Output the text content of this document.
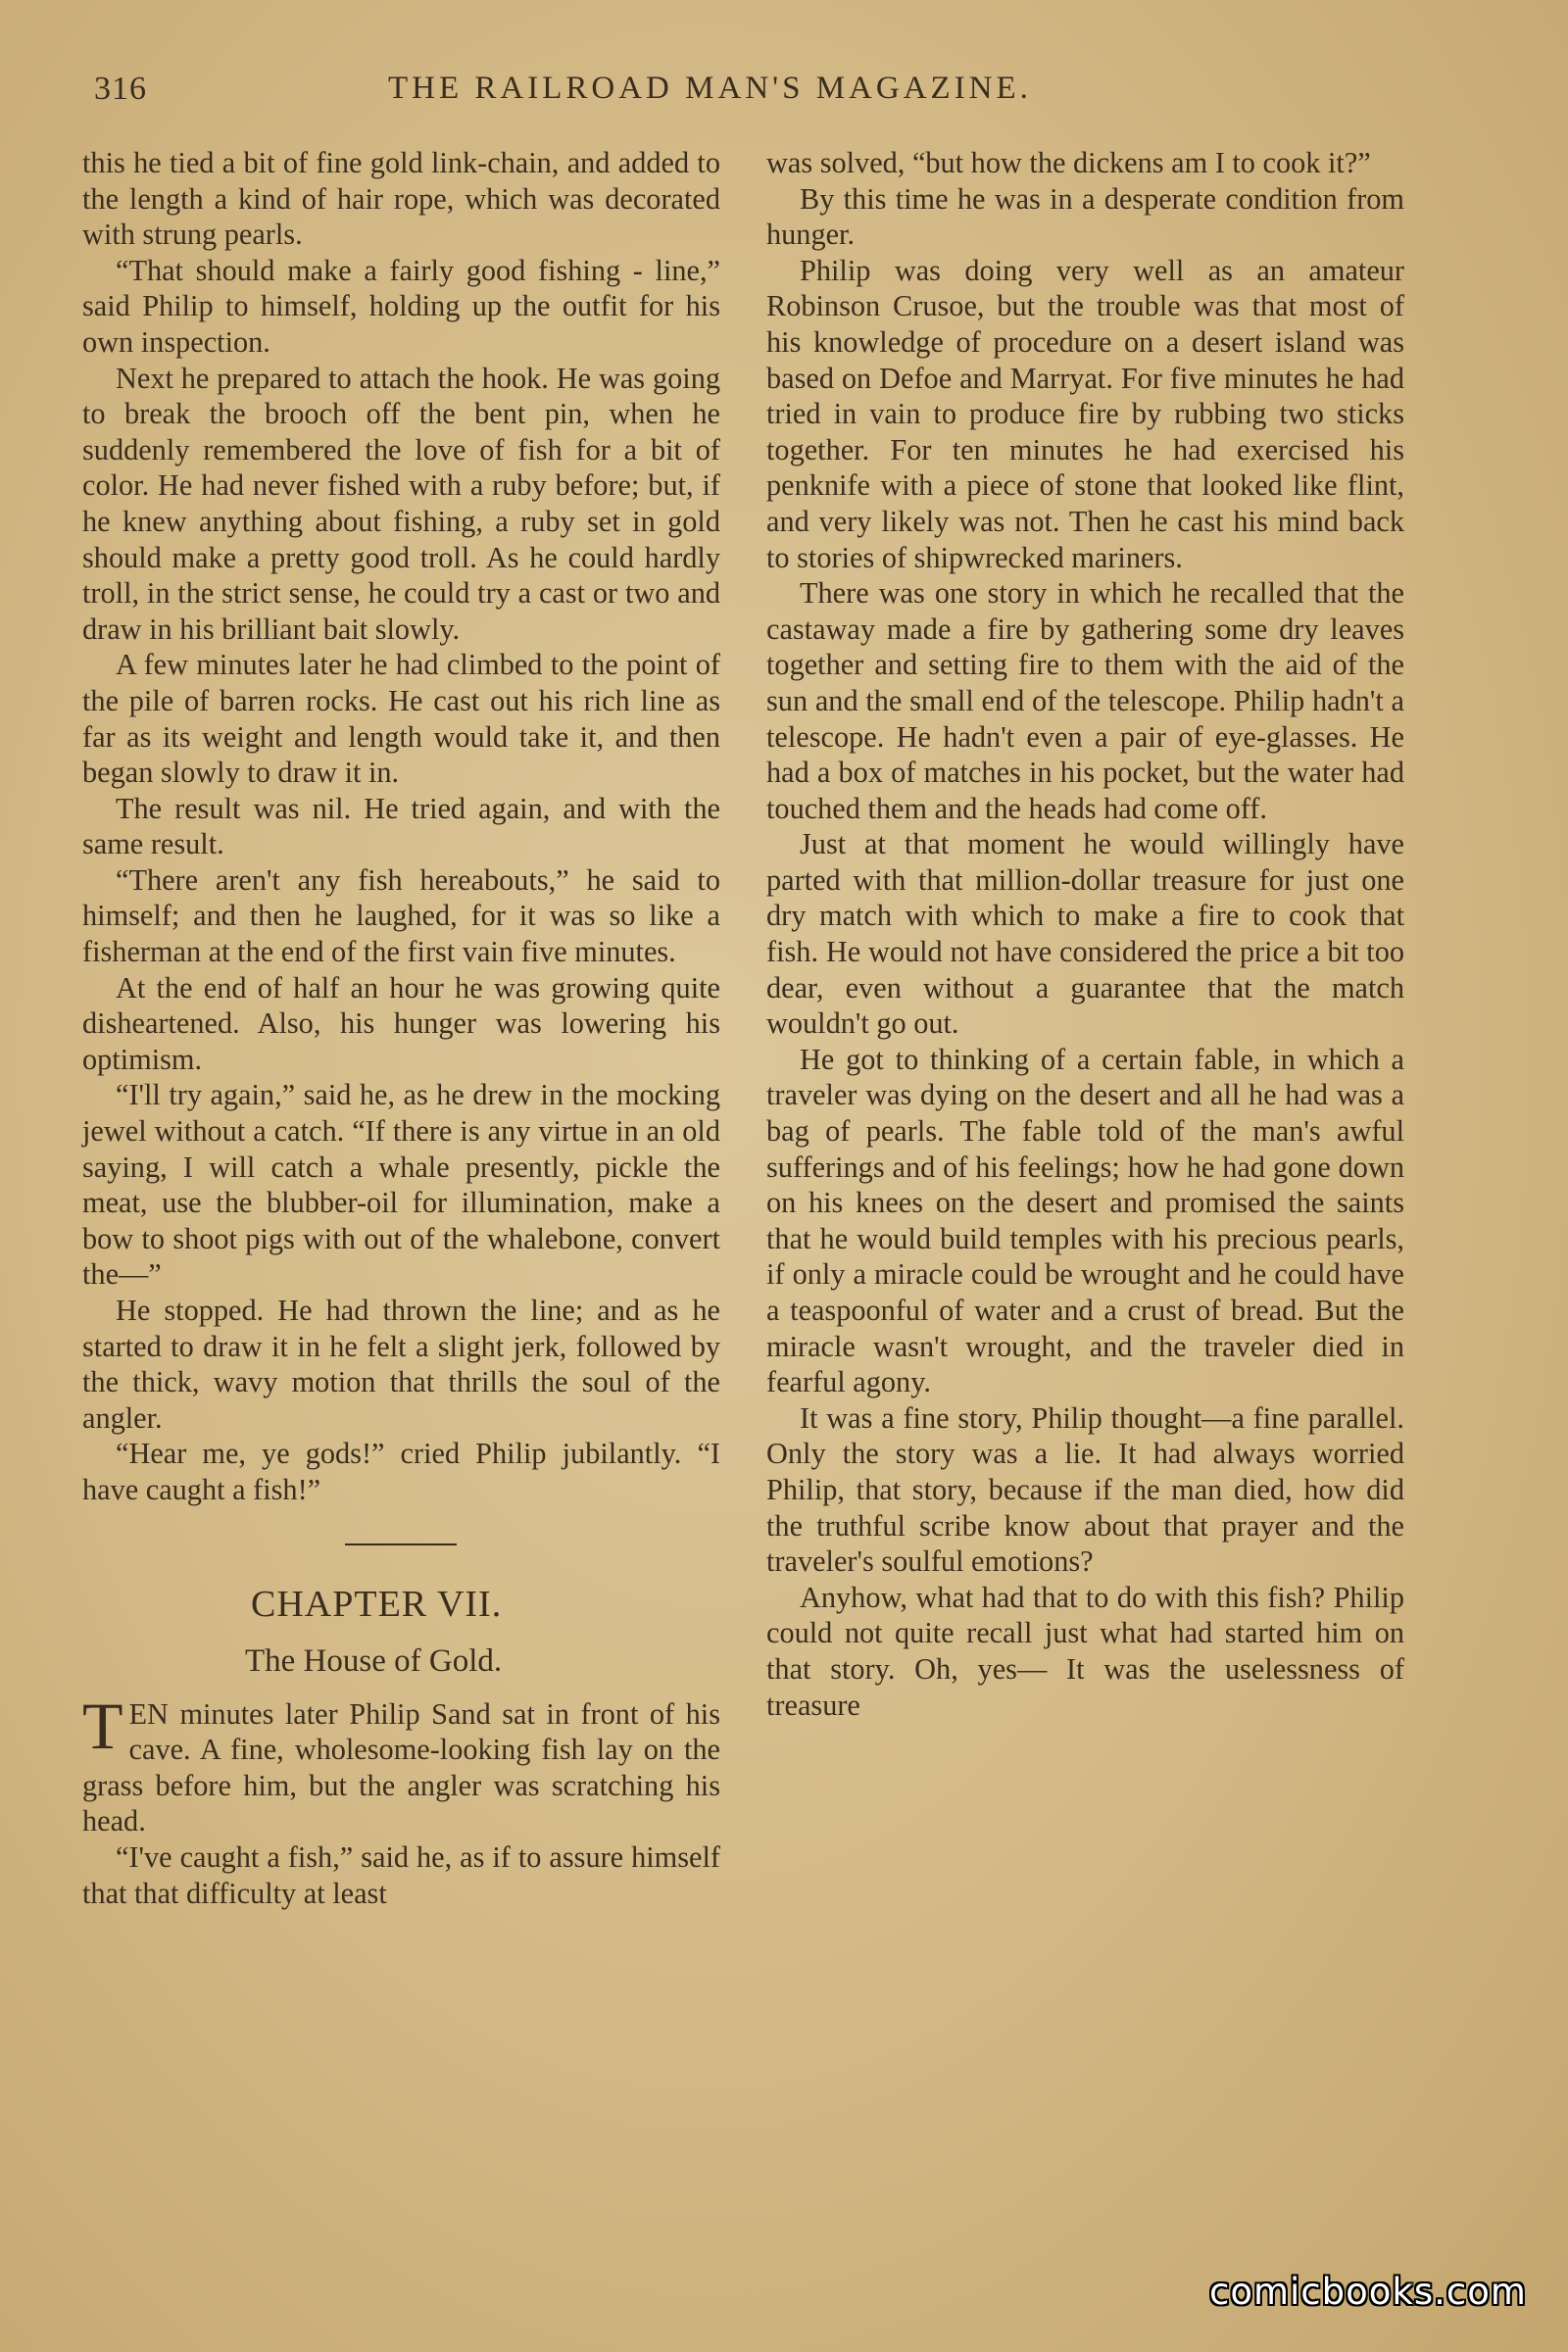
316	THE RAILROAD MAN'S MAGAZINE.

this he tied a bit of fine gold link-chain, and added to the length a kind of hair rope, which was decorated with strung pearls.

“That should make a fairly good fishing - line,” said Philip to himself, holding up the outfit for his own inspection.

Next he prepared to attach the hook. He was going to break the brooch off the bent pin, when he suddenly remembered the love of fish for a bit of color. He had never fished with a ruby before; but, if he knew anything about fishing, a ruby set in gold should make a pretty good troll. As he could hardly troll, in the strict sense, he could try a cast or two and draw in his brilliant bait slowly.

A few minutes later he had climbed to the point of the pile of barren rocks. He cast out his rich line as far as its weight and length would take it, and then began slowly to draw it in.

The result was nil. He tried again, and with the same result.

“There aren't any fish hereabouts,” he said to himself; and then he laughed, for it was so like a fisherman at the end of the first vain five minutes.

At the end of half an hour he was growing quite disheartened. Also, his hunger was lowering his optimism.

“I'll try again,” said he, as he drew in the mocking jewel without a catch. “If there is any virtue in an old saying, I will catch a whale presently, pickle the meat, use the blubber-oil for illumination, make a bow to shoot pigs with out of the whalebone, convert the—”

He stopped. He had thrown the line; and as he started to draw it in he felt a slight jerk, followed by the thick, wavy motion that thrills the soul of the angler.

“Hear me, ye gods!” cried Philip jubilantly. “I have caught a fish!”

CHAPTER VII.
The House of Gold.

TEN minutes later Philip Sand sat in front of his cave. A fine, wholesome-looking fish lay on the grass before him, but the angler was scratching his head.

“I've caught a fish,” said he, as if to assure himself that that difficulty at least

was solved, “but how the dickens am I to cook it?”

By this time he was in a desperate condition from hunger.

Philip was doing very well as an amateur Robinson Crusoe, but the trouble was that most of his knowledge of procedure on a desert island was based on Defoe and Marryat. For five minutes he had tried in vain to produce fire by rubbing two sticks together. For ten minutes he had exercised his penknife with a piece of stone that looked like flint, and very likely was not. Then he cast his mind back to stories of shipwrecked mariners.

There was one story in which he recalled that the castaway made a fire by gathering some dry leaves together and setting fire to them with the aid of the sun and the small end of the telescope. Philip hadn't a telescope. He hadn't even a pair of eye-glasses. He had a box of matches in his pocket, but the water had touched them and the heads had come off.

Just at that moment he would willingly have parted with that million-dollar treasure for just one dry match with which to make a fire to cook that fish. He would not have considered the price a bit too dear, even without a guarantee that the match wouldn't go out.

He got to thinking of a certain fable, in which a traveler was dying on the desert and all he had was a bag of pearls. The fable told of the man's awful sufferings and of his feelings; how he had gone down on his knees on the desert and promised the saints that he would build temples with his precious pearls, if only a miracle could be wrought and he could have a teaspoonful of water and a crust of bread. But the miracle wasn't wrought, and the traveler died in fearful agony.

It was a fine story, Philip thought—a fine parallel. Only the story was a lie. It had always worried Philip, that story, because if the man died, how did the truthful scribe know about that prayer and the traveler's soulful emotions?

Anyhow, what had that to do with this fish? Philip could not quite recall just what had started him on that story. Oh, yes— It was the uselessness of treasure

comicbooks.com
